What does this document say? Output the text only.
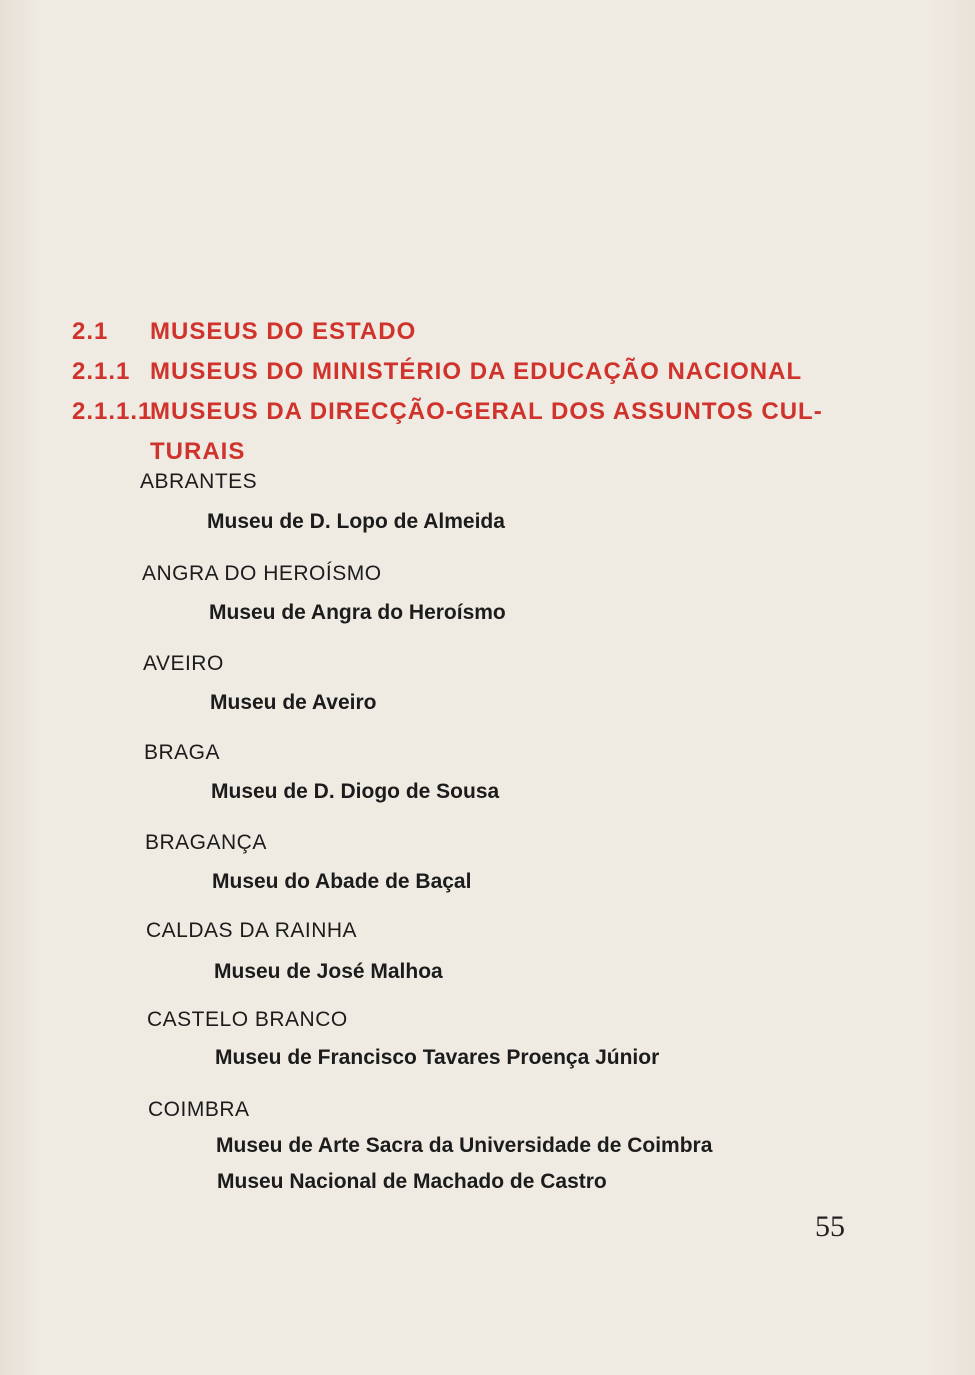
2.1 MUSEUS DO ESTADO
2.1.1 MUSEUS DO MINISTÉRIO DA EDUCAÇÃO NACIONAL
2.1.1.1
MUSEUS DA DIRECÇÃO-GERAL DOS ASSUNTOS CUL-
TURAIS
ABRANTES
Museu de D. Lopo de Almeida
ANGRA DO HEROÍSMO
Museu de Angra do Heroísmo
AVEIRO
Museu de Aveiro
BRAGA
Museu de D. Diogo de Sousa
BRAGANÇA
Museu do Abade de Baçal
CALDAS DA RAINHA
Museu de José Malhoa
CASTELO BRANCO
Museu de Francisco Tavares Proença Júnior
COIMBRA
Museu de Arte Sacra da Universidade de Coimbra
Museu Nacional de Machado de Castro
55
